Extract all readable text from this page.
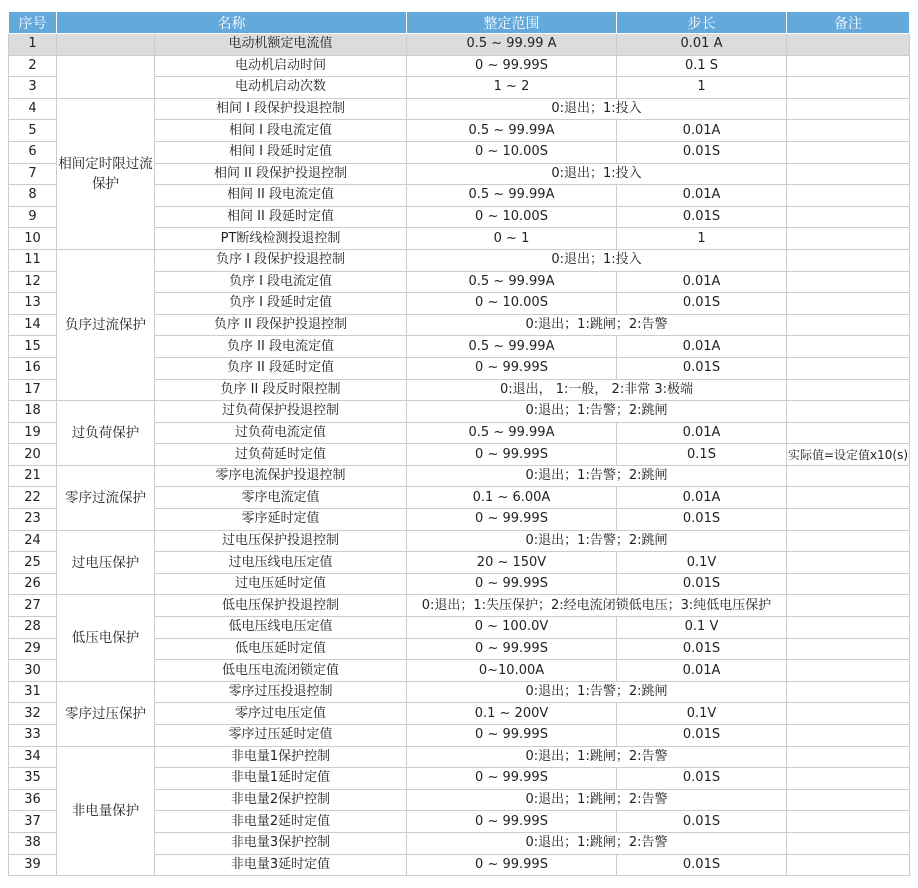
序号	名称		整定范围	步长	备注
1		电动机额定电流值	0.5 ~ 99.99 A	0.01 A	
2		电动机启动时间	0 ~ 99.99S	0.1 S	
3		电动机启动次数	1 ~ 2	1	
4	相间定时限过流保护	相间 I 段保护投退控制	0:退出；1:投入		
5		相间 I 段电流定值	0.5 ~ 99.99A	0.01A	
6		相间 I 段延时定值	0 ~ 10.00S	0.01S	
7		相间 II 段保护投退控制	0:退出；1:投入		
8		相间 II 段电流定值	0.5 ~ 99.99A	0.01A	
9		相间 II 段延时定值	0 ~ 10.00S	0.01S	
10		PT断线检测投退控制	0 ~ 1	1	
11	负序过流保护	负序 I 段保护投退控制	0:退出；1:投入		
12		负序 I 段电流定值	0.5 ~ 99.99A	0.01A	
13		负序 I 段延时定值	0 ~ 10.00S	0.01S	
14		负序 II 段保护投退控制	0:退出；1:跳闸；2:告警		
15		负序 II 段电流定值	0.5 ~ 99.99A	0.01A	
16		负序 II 段延时定值	0 ~ 99.99S	0.01S	
17		负序 II 段反时限控制	0:退出， 1:一般， 2:非常 3:极端		
18	过负荷保护	过负荷保护投退控制	0:退出；1:告警；2:跳闸		
19		过负荷电流定值	0.5 ~ 99.99A	0.01A	
20		过负荷延时定值	0 ~ 99.99S	0.1S	实际值=设定值x10(s)
21	零序过流保护	零序电流保护投退控制	0:退出；1:告警；2:跳闸		
22		零序电流定值	0.1 ~ 6.00A	0.01A	
23		零序延时定值	0 ~ 99.99S	0.01S	
24	过电压保护	过电压保护投退控制	0:退出；1:告警；2:跳闸		
25		过电压线电压定值	20 ~ 150V	0.1V	
26		过电压延时定值	0 ~ 99.99S	0.01S	
27	低压电保护	低电压保护投退控制	0:退出；1:失压保护；2:经电流闭锁低电压；3:纯低电压保护		
28		低电压线电压定值	0 ~ 100.0V	0.1 V	
29		低电压延时定值	0 ~ 99.99S	0.01S	
30		低电压电流闭锁定值	0~10.00A	0.01A	
31	零序过压保护	零序过压投退控制	0:退出；1:告警；2:跳闸		
32		零序过电压定值	0.1 ~ 200V	0.1V	
33		零序过压延时定值	0 ~ 99.99S	0.01S	
34	非电量保护	非电量1保护控制	0:退出；1:跳闸；2:告警		
35		非电量1延时定值	0 ~ 99.99S	0.01S	
36		非电量2保护控制	0:退出；1:跳闸；2:告警		
37		非电量2延时定值	0 ~ 99.99S	0.01S	
38		非电量3保护控制	0:退出；1:跳闸；2:告警		
39		非电量3延时定值	0 ~ 99.99S	0.01S	
